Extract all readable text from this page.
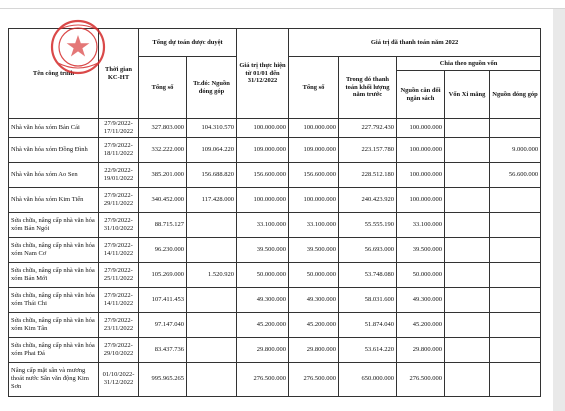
Tên công trình	Thời gian KC-HT	Tổng dự toán được duyệt		Giá trị thực hiện từ 01/01 đến 31/12/2022	Giá trị đã thanh toán năm 2022				
		Tổng số	Tr.đó: Nguồn đóng góp		Tổng số	Trong đó thanh toán khối lượng năm trước	Chia theo nguồn vốn		
							Nguồn cân đối ngân sách	Vốn Xi măng	Nguồn đóng góp
Nhà văn hóa xóm Bản Cái	27/9/2022-17/11/2022	327.803.000	104.310.570	100.000.000	100.000.000	227.792.430	100.000.000		
Nhà văn hóa xóm Đồng Đình	27/9/2022-18/11/2022	332.222.000	109.064.220	109.000.000	109.000.000	223.157.780	100.000.000		9.000.000
Nhà văn hóa xóm Ao Sen	22/9/2022-19/01/2022	385.201.000	156.688.820	156.600.000	156.600.000	228.512.180	100.000.000		56.600.000
Nhà văn hóa xóm Kim Tiến	27/9/2022-29/11/2022	340.452.000	117.428.000	100.000.000	100.000.000	240.423.920	100.000.000		
Sửa chữa, nâng cấp nhà văn hóa xóm Bản Ngói	27/9/2022-31/10/2022	88.715.127		33.100.000	33.100.000	55.555.190	33.100.000		
Sửa chữa, nâng cấp nhà văn hóa xóm Nam Cơ	27/9/2022-14/11/2022	96.230.000		39.500.000	39.500.000	56.693.000	39.500.000		
Sửa chữa, nâng cấp nhà văn hóa xóm Bản Mới	27/9/2022-25/11/2022	105.269.000	1.520.920	50.000.000	50.000.000	53.748.080	50.000.000		
Sửa chữa, nâng cấp nhà văn hóa xóm Thái Chi	27/9/2022-14/11/2022	107.411.453		49.300.000	49.300.000	58.031.600	49.300.000		
Sửa chữa, nâng cấp nhà văn hóa xóm Kim Tân	27/9/2022-23/11/2022	97.147.040		45.200.000	45.200.000	51.874.040	45.200.000		
Sửa chữa, nâng cấp nhà văn hóa xóm Phai Đá	27/9/2022-29/10/2022	83.437.736		29.800.000	29.800.000	53.614.220	29.800.000		
Nâng cấp mặt sân và mương thoát nước Sân văn động Kim Sơn	01/10/2022-31/12/2022	995.965.265		276.500.000	276.500.000	650.000.000	276.500.000		
